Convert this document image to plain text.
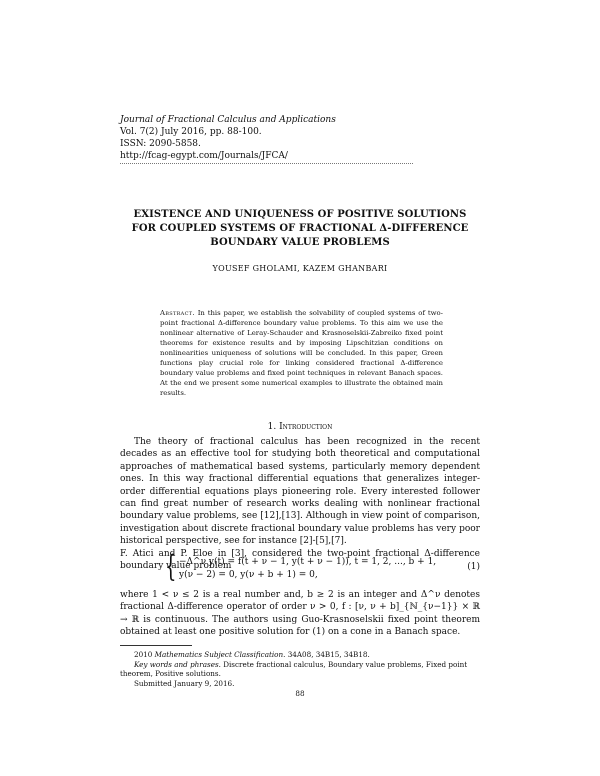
Journal of Fractional Calculus and Applications
Vol. 7(2) July 2016, pp. 88-100.
ISSN: 2090-5858.
http://fcag-egypt.com/Journals/JFCA/
EXISTENCE AND UNIQUENESS OF POSITIVE SOLUTIONS
FOR COUPLED SYSTEMS OF FRACTIONAL Δ-DIFFERENCE
BOUNDARY VALUE PROBLEMS
YOUSEF GHOLAMI, KAZEM GHANBARI
Abstract. In this paper, we establish the solvability of coupled systems of two-point fractional Δ-difference boundary value problems. To this aim we use the nonlinear alternative of Leray-Schauder and Krasnoselskii-Zabreiko fixed point theorems for existence results and by imposing Lipschitzian conditions on nonlinearities uniqueness of solutions will be concluded. In this paper, Green functions play crucial role for linking considered fractional Δ-difference boundary value problems and fixed point techniques in relevant Banach spaces. At the end we present some numerical examples to illustrate the obtained main results.
1. Introduction

The theory of fractional calculus has been recognized in the recent decades as an effective tool for studying both theoretical and computational approaches of mathematical based systems, particularly memory dependent ones. In this way fractional differential equations that generalizes integer-order differential equations plays pioneering role. Every interested follower can find great number of research works dealing with nonlinear fractional boundary value problems, see [12],[13]. Although in view point of comparison, investigation about discrete fractional boundary value problems has very poor historical perspective, see for instance [2]-[5],[7].

F. Atici and P. Eloe in [3], considered the two-point fractional Δ-difference boundary value problem

{ −Δ^ν y(t) = f(t + ν − 1, y(t + ν − 1)), t = 1, 2, ..., b + 1,
y(ν − 2) = 0, y(ν + b + 1) = 0,
(1)

where 1 < ν ≤ 2 is a real number and, b ≥ 2 is an integer and Δ^ν denotes fractional Δ-difference operator of order ν > 0, f : [ν, ν + b]_{ℕ_{ν−1}} × ℝ → ℝ is continuous. The authors using Guo-Krasnoselskii fixed point theorem obtained at least one positive solution for (1) on a cone in a Banach space.

2010 Mathematics Subject Classification. 34A08, 34B15, 34B18.

Key words and phrases. Discrete fractional calculus, Boundary value problems, Fixed point theorem, Positive solutions.

Submitted January 9, 2016.

88
